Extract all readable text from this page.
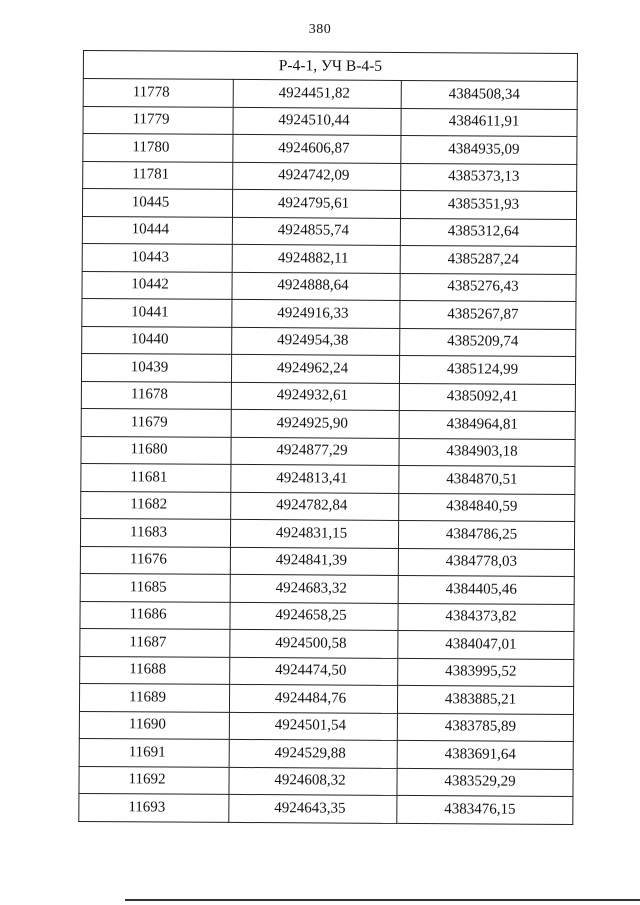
380
Р-4-1, УЧ В-4-5		
11778	4924451,82	4384508,34
11779	4924510,44	4384611,91
11780	4924606,87	4384935,09
11781	4924742,09	4385373,13
10445	4924795,61	4385351,93
10444	4924855,74	4385312,64
10443	4924882,11	4385287,24
10442	4924888,64	4385276,43
10441	4924916,33	4385267,87
10440	4924954,38	4385209,74
10439	4924962,24	4385124,99
11678	4924932,61	4385092,41
11679	4924925,90	4384964,81
11680	4924877,29	4384903,18
11681	4924813,41	4384870,51
11682	4924782,84	4384840,59
11683	4924831,15	4384786,25
11676	4924841,39	4384778,03
11685	4924683,32	4384405,46
11686	4924658,25	4384373,82
11687	4924500,58	4384047,01
11688	4924474,50	4383995,52
11689	4924484,76	4383885,21
11690	4924501,54	4383785,89
11691	4924529,88	4383691,64
11692	4924608,32	4383529,29
11693	4924643,35	4383476,15
